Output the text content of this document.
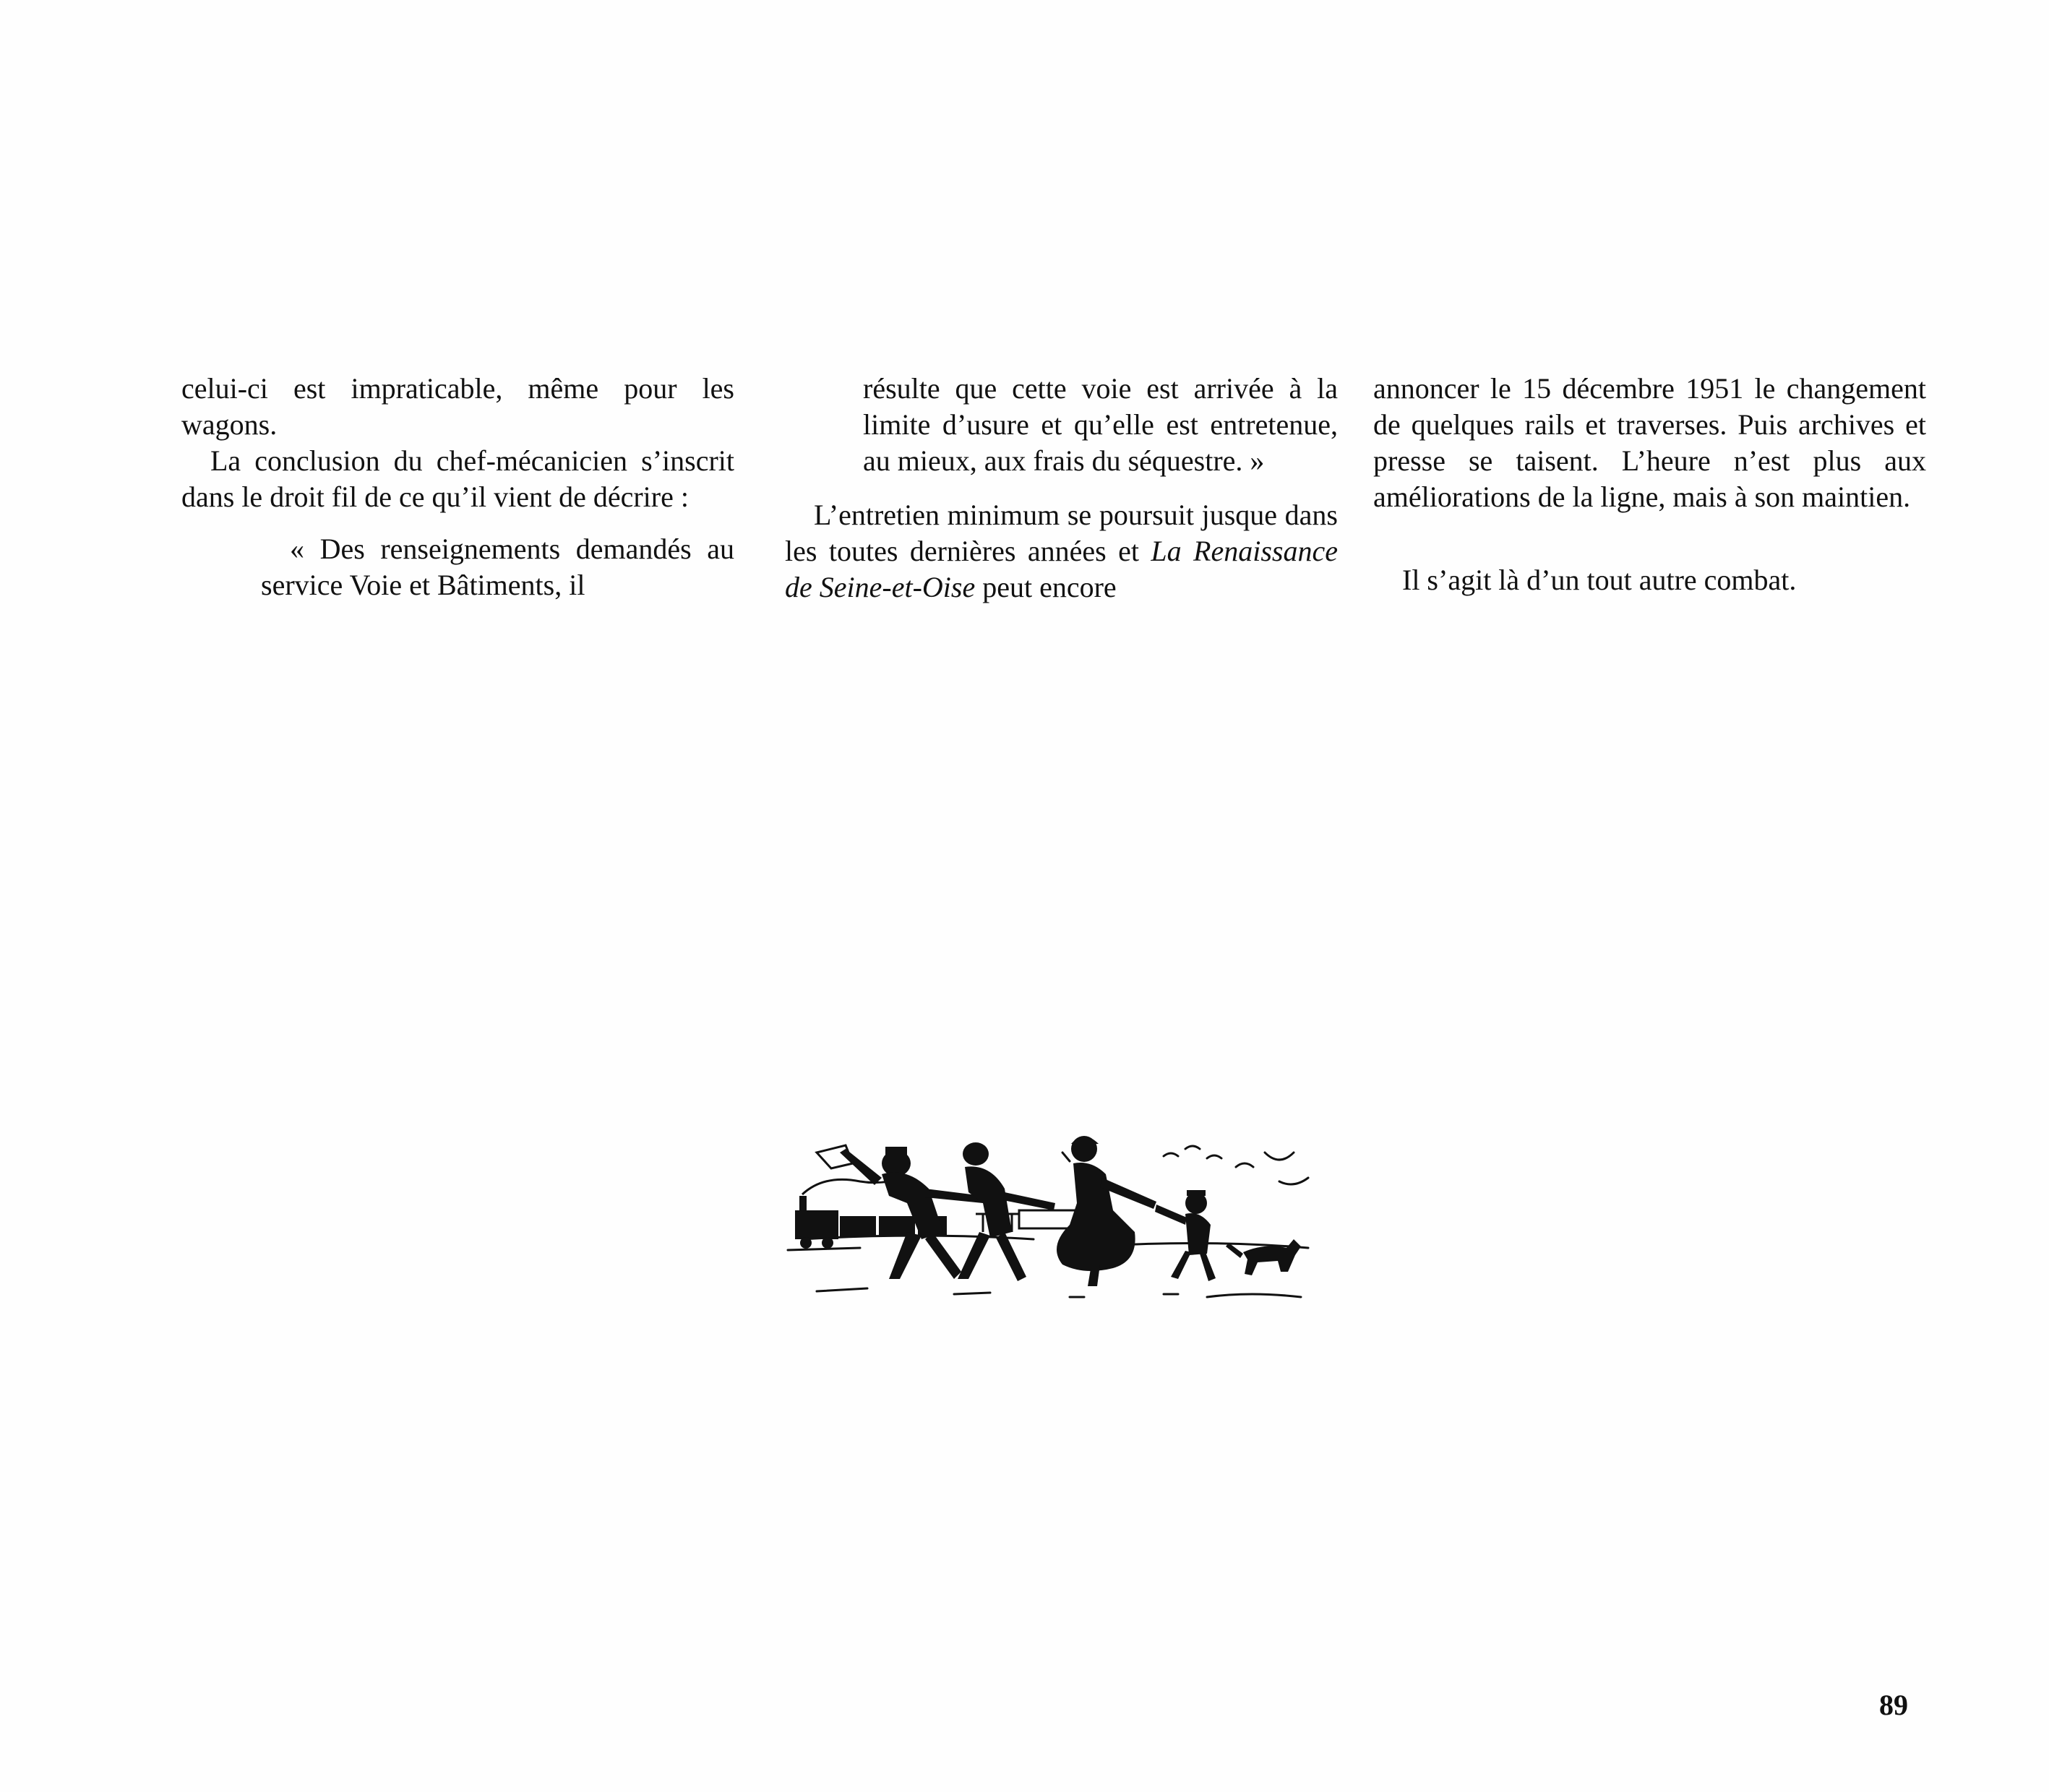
celui-ci est impraticable, même pour les wagons.

La conclusion du chef-mécanicien s’inscrit dans le droit fil de ce qu’il vient de décrire :

« Des renseignements demandés au service Voie et Bâtiments, il

résulte que cette voie est arrivée à la limite d’usure et qu’elle est entretenue, au mieux, aux frais du séquestre. »

L’entretien minimum se poursuit jusque dans les toutes dernières années et La Renaissance de Seine-et-Oise peut encore

annoncer le 15 décembre 1951 le changement de quelques rails et traverses. Puis archives et presse se taisent. L’heure n’est plus aux améliorations de la ligne, mais à son maintien.

Il s’agit là d’un tout autre combat.

89
